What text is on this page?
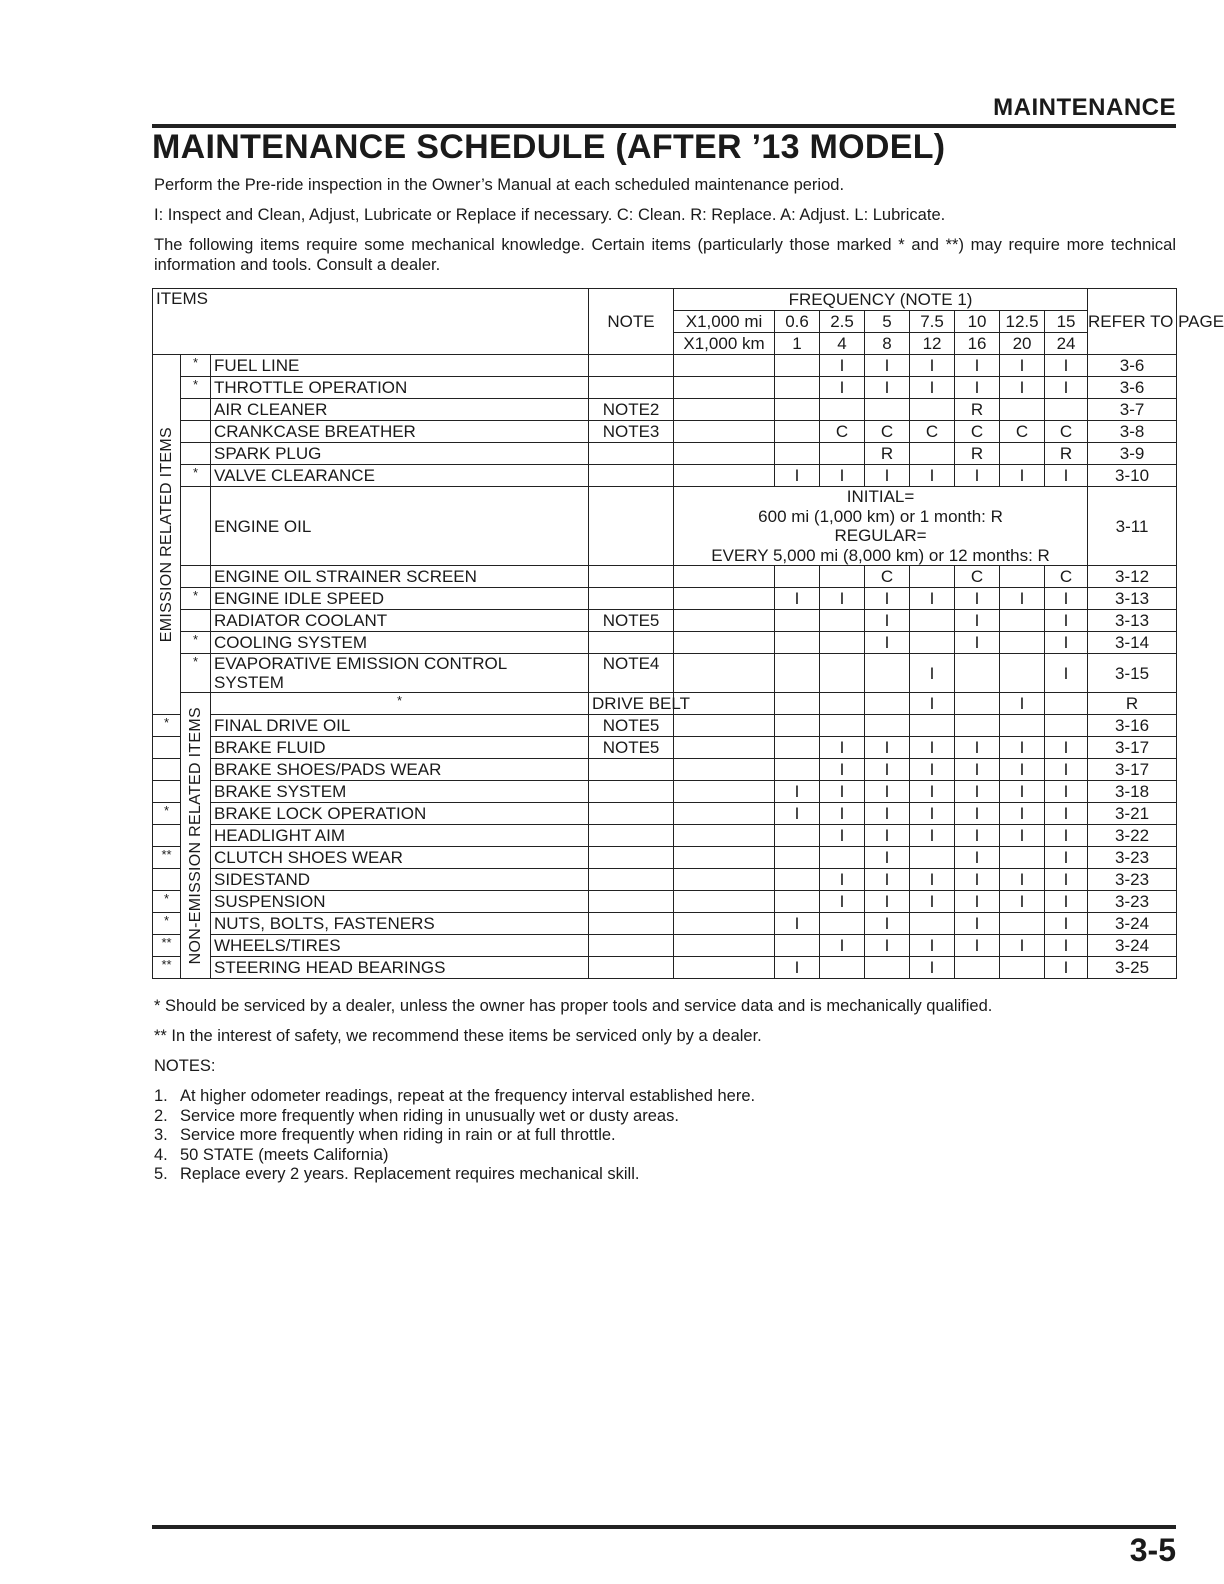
MAINTENANCE
MAINTENANCE SCHEDULE (AFTER ’13 MODEL)
Perform the Pre-ride inspection in the Owner’s Manual at each scheduled maintenance period.
I: Inspect and Clean, Adjust, Lubricate or Replace if necessary. C: Clean. R: Replace. A: Adjust. L: Lubricate.
The following items require some mechanical knowledge. Certain items (particularly those marked * and **) may require more technical information and tools. Consult a dealer.
ITEMS			NOTE	FREQUENCY (NOTE 1)								REFER TO PAGE	
				X1,000 mi	0.6	2.5	5	7.5	10	12.5	15		
				X1,000 km	1	4	8	12	16	20	24		

EMISSION RELATED ITEMS	*	FUEL LINE				I	I	I	I	I	I	3-6	
	*	THROTTLE OPERATION				I	I	I	I	I	I	3-6	
		AIR CLEANER	NOTE2						R			3-7	
		CRANKCASE BREATHER	NOTE3			C	C	C	C	C	C	3-8	
		SPARK PLUG					R		R		R	3-9	
	*	VALVE CLEARANCE			I	I	I	I	I	I	I	3-10	
		ENGINE OIL		INITIAL=
600 mi (1,000 km) or 1 month: R
REGULAR=
EVERY 5,000 mi (8,000 km) or 12 months: R								3-11	
		ENGINE OIL STRAINER SCREEN					C		C		C	3-12	
	*	ENGINE IDLE SPEED			I	I	I	I	I	I	I	3-13	
		RADIATOR COOLANT	NOTE5				I		I		I	3-13	
	*	COOLING SYSTEM					I		I		I	3-14	
	*	EVAPORATIVE EMISSION CONTROL
SYSTEM	NOTE4					I			I	3-15	

	NON-EMISSION RELATED ITEMS	*	DRIVE BELT					I		I		R	
*		FINAL DRIVE OIL	NOTE5									3-16	
		BRAKE FLUID	NOTE5			I	I	I	I	I	I	3-17	
		BRAKE SHOES/PADS WEAR				I	I	I	I	I	I	3-17	
		BRAKE SYSTEM			I	I	I	I	I	I	I	3-18	
*		BRAKE LOCK OPERATION			I	I	I	I	I	I	I	3-21	
		HEADLIGHT AIM				I	I	I	I	I	I	3-22	
**		CLUTCH SHOES WEAR					I		I		I	3-23	
		SIDESTAND				I	I	I	I	I	I	3-23	
*		SUSPENSION				I	I	I	I	I	I	3-23	
*		NUTS, BOLTS, FASTENERS			I		I		I		I	3-24	
**		WHEELS/TIRES				I	I	I	I	I	I	3-24	
**		STEERING HEAD BEARINGS			I			I			I	3-25	

* Should be serviced by a dealer, unless the owner has proper tools and service data and is mechanically qualified.

** In the interest of safety, we recommend these items be serviced only by a dealer.

NOTES:

1. At higher odometer readings, repeat at the frequency interval established here.
2. Service more frequently when riding in unusually wet or dusty areas.
3. Service more frequently when riding in rain or at full throttle.
4. 50 STATE (meets California)
5. Replace every 2 years. Replacement requires mechanical skill.
3-5
